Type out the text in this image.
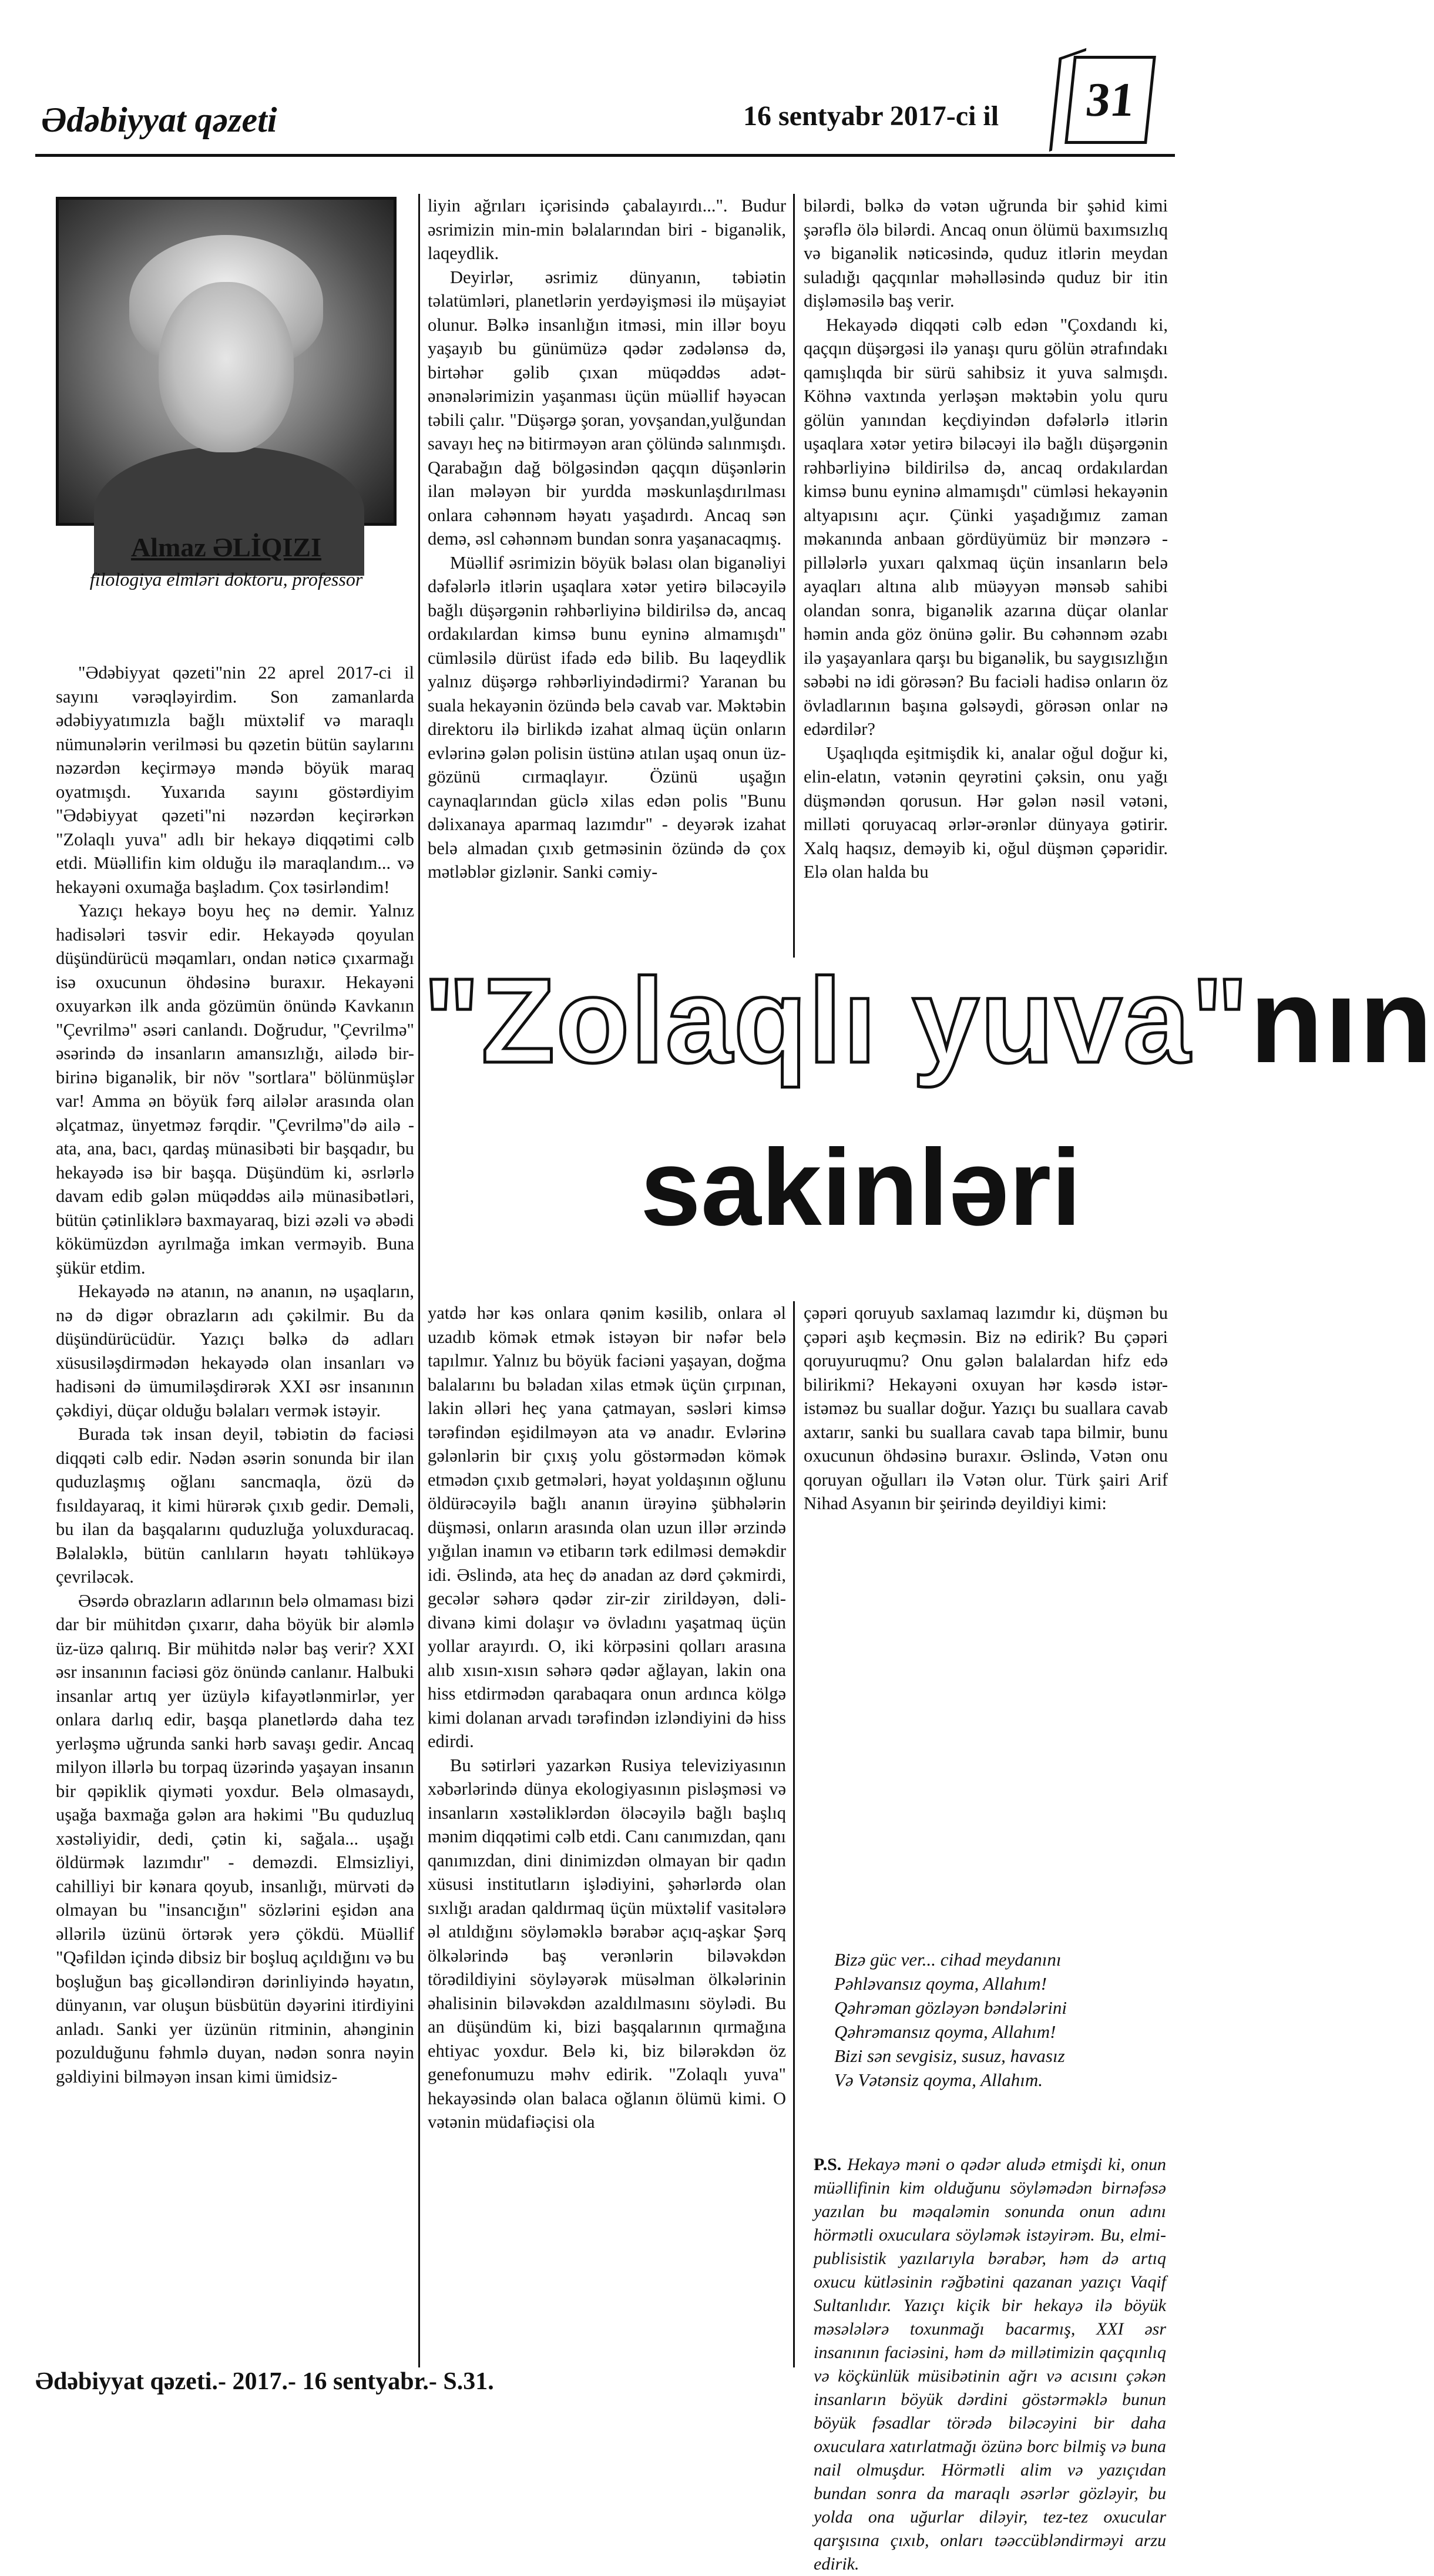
Ədəbiyyat qəzeti	16 sentyabr 2017-ci il	31
Almaz ƏLİQIZI
filologiya elmləri doktoru, professor

"Ədəbiyyat qəzeti"nin 22 aprel 2017-ci il sayını vərəqləyirdim. Son zamanlarda ədəbiyyatımızla bağlı müxtəlif və maraqlı nümunələrin verilməsi bu qəzetin bütün saylarını nəzərdən keçirməyə məndə böyük maraq oyatmışdı. Yuxarıda sayını göstərdiyim "Ədəbiyyat qəzeti"ni nəzərdən keçirərkən "Zolaqlı yuva" adlı bir hekayə diqqətimi cəlb etdi. Müəllifin kim olduğu ilə maraqlandım... və hekayəni oxumağa başladım. Çox təsirləndim!

Yazıçı hekayə boyu heç nə demir. Yalnız hadisələri təsvir edir. Hekayədə qoyulan düşündürücü məqamları, ondan nəticə çıxarmağı isə oxucunun öhdəsinə buraxır. Hekayəni oxuyarkən ilk anda gözümün önündə Kavkanın "Çevrilmə" əsəri canlandı. Doğrudur, "Çevrilmə" əsərində də insanların amansızlığı, ailədə bir-birinə biganəlik, bir növ "sortlara" bölünmüşlər var! Amma ən böyük fərq ailələr arasında olan əlçatmaz, ünyetməz fərqdir. "Çevrilmə"də ailə - ata, ana, bacı, qardaş münasibəti bir başqadır, bu hekayədə isə bir başqa. Düşündüm ki, əsrlərlə davam edib gələn müqəddəs ailə münasibətləri, bütün çətinliklərə baxmayaraq, bizi əzəli və əbədi kökümüzdən ayrılmağa imkan verməyib. Buna şükür etdim.

Hekayədə nə atanın, nə ananın, nə uşaqların, nə də digər obrazların adı çəkilmir. Bu da düşündürücüdür. Yazıçı bəlkə də adları xüsusiləşdirmədən hekayədə olan insanları və hadisəni də ümumiləşdirərək XXI əsr insanının çəkdiyi, düçar olduğu bəlaları vermək istəyir.

Burada tək insan deyil, təbiətin də faciəsi diqqəti cəlb edir. Nədən əsərin sonunda bir ilan quduzlaşmış oğlanı sancmaqla, özü də fısıldayaraq, it kimi hürərək çıxıb gedir. Deməli, bu ilan da başqalarını quduzluğa yoluxduracaq. Bəlaləklə, bütün canlıların həyatı təhlükəyə çevriləcək.

Əsərdə obrazların adlarının belə olmaması bizi dar bir mühitdən çıxarır, daha böyük bir aləmlə üz-üzə qalırıq. Bir mühitdə nələr baş verir? XXI əsr insanının faciəsi göz önündə canlanır. Halbuki insanlar artıq yer üzüylə kifayətlənmirlər, yer onlara darlıq edir, başqa planetlərdə daha tez yerləşmə uğrunda sanki hərb savaşı gedir. Ancaq milyon illərlə bu torpaq üzərində yaşayan insanın bir qəpiklik qiyməti yoxdur. Belə olmasaydı, uşağa baxmağa gələn ara həkimi "Bu quduzluq xəstəliyidir, dedi, çətin ki, sağala... uşağı öldürmək lazımdır" - deməzdi. Elmsizliyi, cahilliyi bir kənara qoyub, insanlığı, mürvəti də olmayan bu "insancığın" sözlərini eşidən ana əllərilə üzünü örtərək yerə çökdü. Müəllif "Qəfildən içində dibsiz bir boşluq açıldığını və bu boşluğun baş gicəlləndirən dərinliyində həyatın, dünyanın, var oluşun büsbütün dəyərini itirdiyini anladı. Sanki yer üzünün ritminin, ahənginin pozulduğunu fəhmlə duyan, nədən sonra nəyin gəldiyini bilməyən insan kimi ümidsiz-

liyin ağrıları içərisində çabalayırdı...". Budur əsrimizin min-min bəlalarından biri - biganəlik, laqeydlik.

Deyirlər, əsrimiz dünyanın, təbiətin təlatümləri, planetlərin yerdəyişməsi ilə müşayiət olunur. Bəlkə insanlığın itməsi, min illər boyu yaşayıb bu günümüzə qədər zədələnsə də, birtəhər gəlib çıxan müqəddəs adət-ənənələrimizin yaşanması üçün müəllif həyəcan təbili çalır. "Düşərgə şoran, yovşandan,yulğundan savayı heç nə bitirməyən aran çölündə salınmışdı. Qarabağın dağ bölgəsindən qaçqın düşənlərin ilan mələyən bir yurdda məskunlaşdırılması onlara cəhənnəm həyatı yaşadırdı. Ancaq sən demə, əsl cəhənnəm bundan sonra yaşanacaqmış.

Müəllif əsrimizin böyük bəlası olan biganəliyi dəfələrlə itlərin uşaqlara xətər yetirə biləcəyilə bağlı düşərgənin rəhbərliyinə bildirilsə də, ancaq ordakılardan kimsə bunu eyninə almamışdı" cümləsilə dürüst ifadə edə bilib. Bu laqeydlik yalnız düşərgə rəhbərliyindədirmi? Yaranan bu suala hekayənin özündə belə cavab var. Məktəbin direktoru ilə birlikdə izahat almaq üçün onların evlərinə gələn polisin üstünə atılan uşaq onun üz-gözünü cırmaqlayır. Özünü uşağın caynaqlarından güclə xilas edən polis "Bunu dəlixanaya aparmaq lazımdır" - deyərək izahat belə almadan çıxıb getməsinin özündə də çox mətləblər gizlənir. Sanki cəmiy-

bilərdi, bəlkə də vətən uğrunda bir şəhid kimi şərəflə ölə bilərdi. Ancaq onun ölümü baxımsızlıq və biganəlik nəticəsində, quduz itlərin meydan suladığı qaçqınlar məhəlləsində quduz bir itin dişləməsilə baş verir.

Hekayədə diqqəti cəlb edən "Çoxdandı ki, qaçqın düşərgəsi ilə yanaşı quru gölün ətrafındakı qamışlıqda bir sürü sahibsiz it yuva salmışdı. Köhnə vaxtında yerləşən məktəbin yolu quru gölün yanından keçdiyindən dəfələrlə itlərin uşaqlara xətər yetirə biləcəyi ilə bağlı düşərgənin rəhbərliyinə bildirilsə də, ancaq ordakılardan kimsə bunu eyninə almamışdı" cümləsi hekayənin altyapısını açır. Çünki yaşadığımız zaman məkanında anbaan gördüyümüz bir mənzərə - pillələrlə yuxarı qalxmaq üçün insanların belə ayaqları altına alıb müəyyən mənsəb sahibi olandan sonra, biganəlik azarına düçar olanlar həmin anda göz önünə gəlir. Bu cəhənnəm əzabı ilə yaşayanlara qarşı bu biganəlik, bu saygısızlığın səbəbi nə idi görəsən? Bu faciəli hadisə onların öz övladlarının başına gəlsəydi, görəsən onlar nə edərdilər?

Uşaqlıqda eşitmişdik ki, analar oğul doğur ki, elin-elatın, vətənin qeyrətini çəksin, onu yağı düşməndən qorusun. Hər gələn nəsil vətəni, milləti qoruyacaq ərlər-ərənlər dünyaya gətirir. Xalq haqsız, deməyib ki, oğul düşmən çəpəridir. Elə olan halda bu

"Zolaqlı yuva"nın
sakinləri

yatdə hər kəs onlara qənim kəsilib, onlara əl uzadıb kömək etmək istəyən bir nəfər belə tapılmır. Yalnız bu böyük faciəni yaşayan, doğma balalarını bu bəladan xilas etmək üçün çırpınan, lakin əlləri heç yana çatmayan, səsləri kimsə tərəfindən eşidilməyən ata və anadır. Evlərinə gələnlərin bir çıxış yolu göstərmədən kömək etmədən çıxıb getmələri, həyat yoldaşının oğlunu öldürəcəyilə bağlı ananın ürəyinə şübhələrin düşməsi, onların arasında olan uzun illər ərzində yığılan inamın və etibarın tərk edilməsi deməkdir idi. Əslində, ata heç də anadan az dərd çəkmirdi, gecələr səhərə qədər zir-zir zirildəyən, dəli-divanə kimi dolaşır və övladını yaşatmaq üçün yollar arayırdı. O, iki körpəsini qolları arasına alıb xısın-xısın səhərə qədər ağlayan, lakin ona hiss etdirmədən qarabaqara onun ardınca kölgə kimi dolanan arvadı tərəfindən izləndiyini də hiss edirdi.

Bu sətirləri yazarkən Rusiya televiziyasının xəbərlərində dünya ekologiyasının pisləşməsi və insanların xəstəliklərdən öləcəyilə bağlı başlıq mənim diqqətimi cəlb etdi. Canı canımızdan, qanı qanımızdan, dini dinimizdən olmayan bir qadın xüsusi institutların işlədiyini, şəhərlərdə olan sıxlığı aradan qaldırmaq üçün müxtəlif vasitələrə əl atıldığını söyləməklə bərabər açıq-aşkar Şərq ölkələrində baş verənlərin biləvəkdən törədildiyini söyləyərək müsəlman ölkələrinin əhalisinin biləvəkdən azaldılmasını söylədi. Bu an düşündüm ki, bizi başqalarının qırmağına ehtiyac yoxdur. Belə ki, biz bilərəkdən öz genefonumuzu məhv edirik. "Zolaqlı yuva" hekayəsində olan balaca oğlanın ölümü kimi. O vətənin müdafiəçisi ola

çəpəri qoruyub saxlamaq lazımdır ki, düşmən bu çəpəri aşıb keçməsin. Biz nə edirik? Bu çəpəri qoruyuruqmu? Onu gələn balalardan hifz edə bilirikmi? Hekayəni oxuyan hər kəsdə istər-istəməz bu suallar doğur. Yazıçı bu suallara cavab axtarır, sanki bu suallara cavab tapa bilmir, bunu oxucunun öhdəsinə buraxır. Əslində, Vətən onu qoruyan oğulları ilə Vətən olur. Türk şairi Arif Nihad Asyanın bir şeirində deyildiyi kimi:

Bizə güc ver... cihad meydanını
Pəhləvansız qoyma, Allahım!
Qəhrəman gözləyən bəndələrini
Qəhrəmansız qoyma, Allahım!
Bizi sən sevgisiz, susuz, havasız
Və Vətənsiz qoyma, Allahım.
P.S. Hekayə məni o qədər aludə etmişdi ki, onun müəllifinin kim olduğunu söyləmədən birnəfəsə yazılan bu məqaləmin sonunda onun adını hörmətli oxucularа söyləmək istəyirəm. Bu, elmi-publisistik yazılarıyla bərabər, həm də artıq oxucu kütləsinin rəğbətini qazanan yazıçı Vaqif Sultanlıdır. Yazıçı kiçik bir hekayə ilə böyük məsələlərə toxunmağı bacarmış, XXI əsr insanının faciəsini, həm də millətimizin qaçqınlıq və köçkünlük müsibətinin ağrı və acısını çəkən insanların böyük dərdini göstərməklə bunun böyük fəsadlar törədə biləcəyini bir daha oxuculara xatırlatmağı özünə borc bilmiş və buna nail olmuşdur. Hörmətli alim və yazıçıdan bundan sonra da maraqlı əsərlər gözləyir, bu yolda ona uğurlar diləyir, tez-tez oxucular qarşısına çıxıb, onları təəccübləndirməyi arzu edirik.
Ədəbiyyat qəzeti.- 2017.- 16 sentyabr.- S.31.
